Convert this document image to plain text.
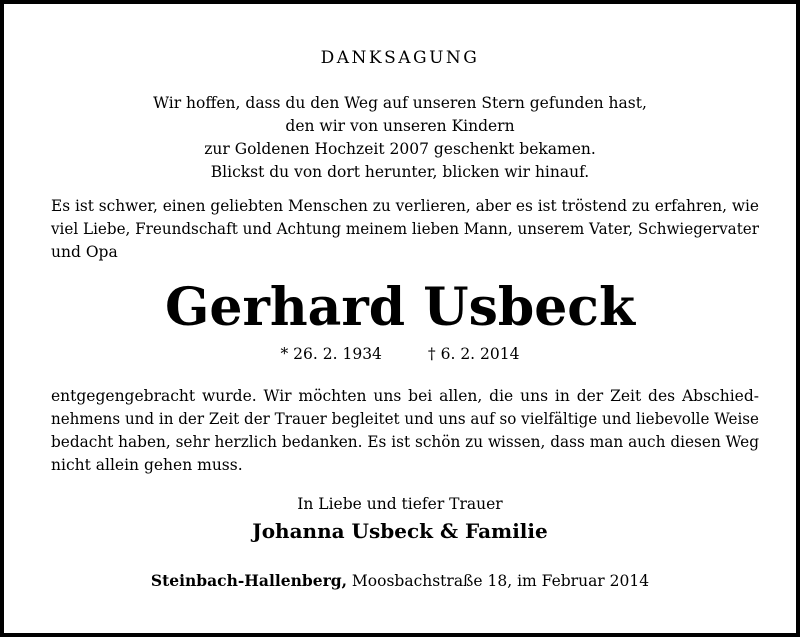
DANKSAGUNG
Wir hoffen, dass du den Weg auf unseren Stern gefunden hast,
den wir von unseren Kindern
zur Goldenen Hochzeit 2007 geschenkt bekamen.
Blickst du von dort herunter, blicken wir hinauf.
Es ist schwer, einen geliebten Menschen zu verlieren, aber es ist tröstend zu erfahren, wie
viel Liebe, Freundschaft und Achtung meinem lieben Mann, unserem Vater, Schwiegervater
und Opa
Gerhard Usbeck
* 26. 2. 1934	† 6. 2. 2014
entgegengebracht wurde. Wir möchten uns bei allen, die uns in der Zeit des Abschied-
nehmens und in der Zeit der Trauer begleitet und uns auf so vielfältige und liebevolle Weise
bedacht haben, sehr herzlich bedanken. Es ist schön zu wissen, dass man auch diesen Weg
nicht allein gehen muss.
In Liebe und tiefer Trauer
Johanna Usbeck & Familie
Steinbach-Hallenberg, Moosbachstraße 18, im Februar 2014
